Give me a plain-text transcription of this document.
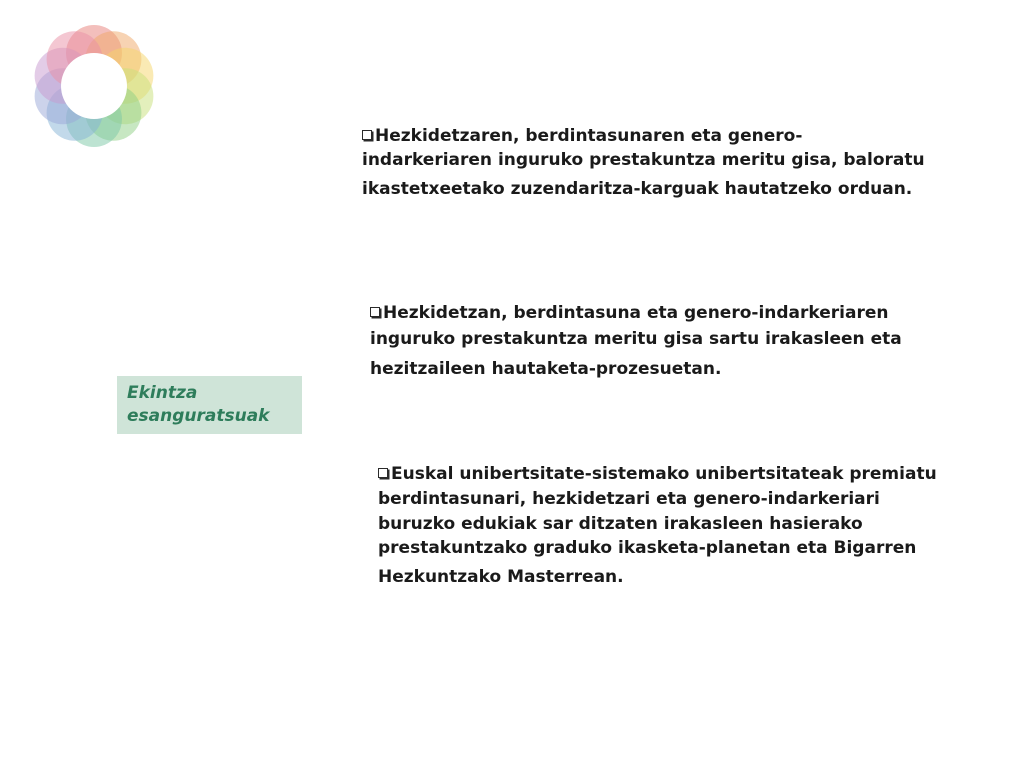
Hezkidetzaren, berdintasunaren eta genero-
indarkeriaren inguruko prestakuntza meritu gisa, baloratu
ikastetxeetako zuzendaritza-karguak hautatzeko orduan.
Hezkidetzan, berdintasuna eta genero-indarkeriaren
inguruko prestakuntza meritu gisa sartu irakasleen eta
hezitzaileen hautaketa-prozesuetan.
Ekintza
esanguratsuak
Euskal unibertsitate-sistemako unibertsitateak premiatu
berdintasunari, hezkidetzari eta genero-indarkeriari
buruzko edukiak sar ditzaten irakasleen hasierako
prestakuntzako graduko ikasketa-planetan eta Bigarren
Hezkuntzako Masterrean.
